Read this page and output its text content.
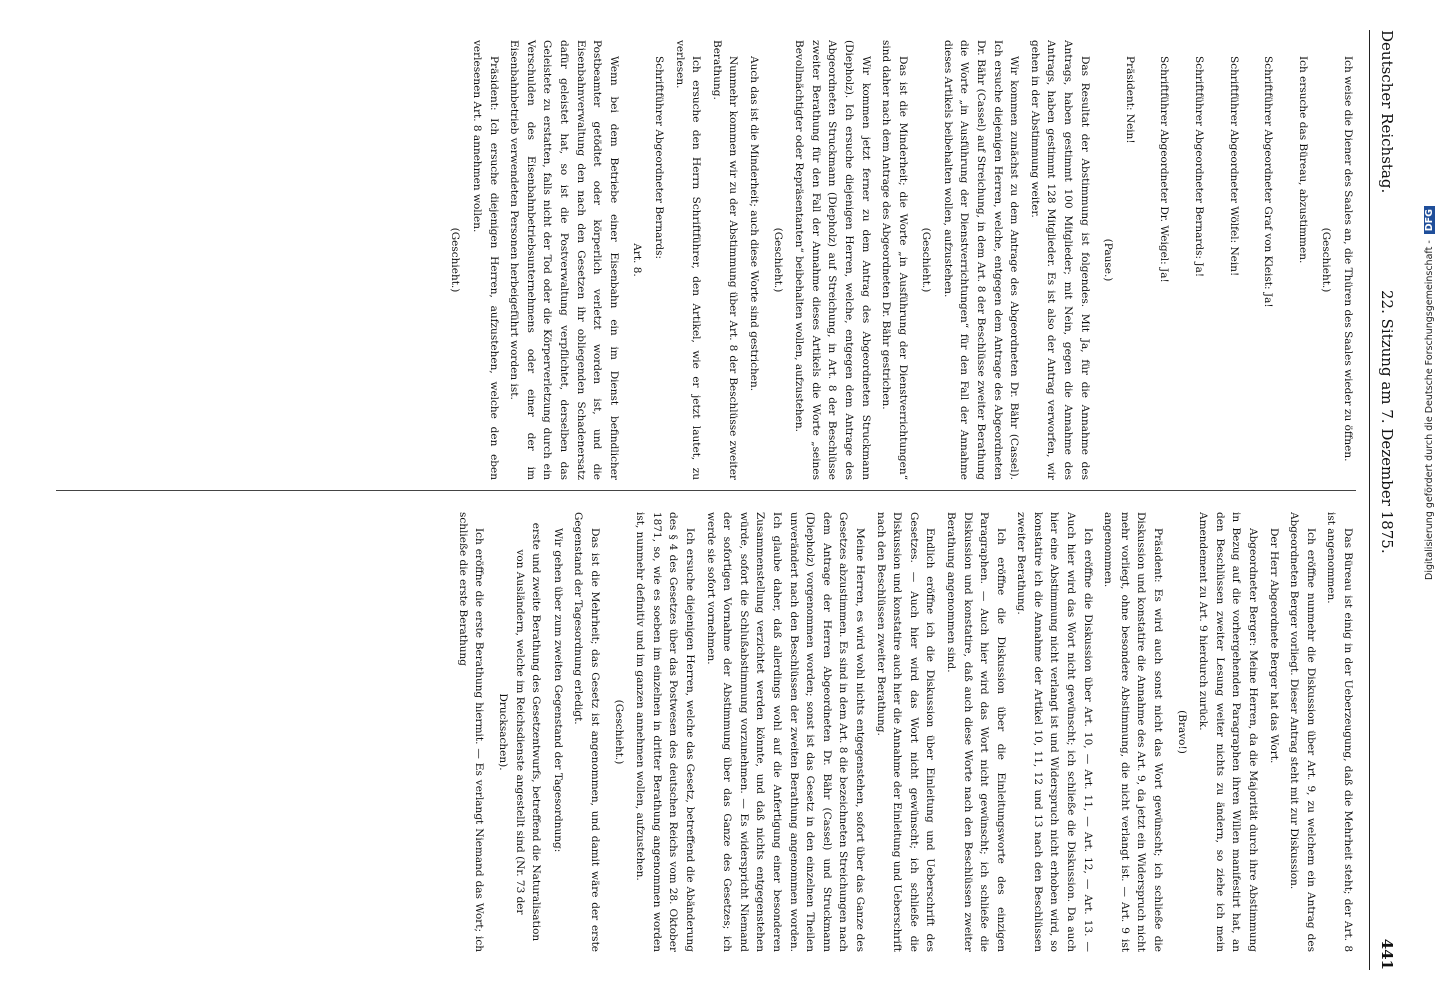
Deutscher Reichstag.
22. Sitzung am 7. Dezember 1875.
441

Ich weise die Diener des Saales an, die Thüren des Saales wieder zu öffnen.

(Geschieht.)

Ich ersuche das Büreau, abzustimmen.

Schriftführer Abgeordneter Graf von Kleist: Ja!

Schriftführer Abgeordneter Wölfel: Nein!

Schriftführer Abgeordneter Bernards: Ja!

Schriftführer Abgeordneter Dr. Weigel: Ja!

Präsident: Nein!

(Pause.)

Das Resultat der Abstimmung ist folgendes. Mit Ja, für die Annahme des Antrags, haben gestimmt 100 Mitglieder; mit Nein, gegen die Annahme des Antrags, haben gestimmt 128 Mitglieder. Es ist also der Antrag verworfen, wir gehen in der Abstimmung weiter.

Wir kommen zunächst zu dem Antrage des Abgeordneten Dr. Bähr (Cassel). Ich ersuche diejenigen Herren, welche, entgegen dem Antrage des Abgeordneten Dr. Bähr (Cassel) auf Streichung, in dem Art. 8 der Beschlüsse zweiter Berathung die Worte „in Ausführung der Dienstverrichtungen“ für den Fall der Annahme dieses Artikels beibehalten wollen, aufzustehen.

(Geschieht.)

Das ist die Minderheit; die Worte „in Ausführung der Dienstverrichtungen“ sind daher nach dem Antrage des Abgeordneten Dr. Bähr gestrichen.

Wir kommen jetzt ferner zu dem Antrag des Abgeordneten Struckmann (Diepholz). Ich ersuche diejenigen Herren, welche, entgegen dem Antrage des Abgeordneten Struckmann (Diepholz) auf Streichung, in Art. 8 der Beschlüsse zweiter Berathung für den Fall der Annahme dieses Artikels die Worte „seines Bevollmächtigter oder Repräsentanten“ beibehalten wollen, aufzustehen.

(Geschieht.)

Auch das ist die Minderheit; auch diese Worte sind gestrichen.

Nunmehr kommen wir zu der Abstimmung über Art. 8 der Beschlüsse zweiter Berathung.

Ich ersuche den Herrn Schriftführer, den Artikel, wie er jetzt lautet, zu verlesen.

Schriftführer Abgeordneter Bernards:

Art. 8.

Wenn bei dem Betriebe einer Eisenbahn ein im Dienst befindlicher Postbeamter getödtet oder körperlich verletzt worden ist, und die Eisenbahnverwaltung den nach den Gesetzen ihr obliegenden Schadenersatz dafür geleistet hat, so ist die Postverwaltung verpflichtet, derselben das Geleistete zu erstatten, falls nicht der Tod oder die Körperverletzung durch ein Verschulden des Eisenbahnbetriebsunternehmens oder einer der im Eisenbahnbetrieb verwendeten Personen herbeigeführt worden ist.

Präsident: Ich ersuche diejenigen Herren, aufzustehen, welche den eben verlesenen Art. 8 annehmen wollen.

(Geschieht.)

Das Büreau ist einig in der Ueberzeugung, daß die Mehrheit steht; der Art. 8 ist angenommen.

Ich eröffne nunmehr die Diskussion über Art. 9, zu welchem ein Antrag des Abgeordneten Berger vorliegt. Dieser Antrag steht mit zur Diskussion.

Der Herr Abgeordnete Berger hat das Wort.

Abgeordneter Berger: Meine Herren, da die Majorität durch ihre Abstimmung in Bezug auf die vorhergehenden Paragraphen ihren Willen manifestirt hat, an den Beschlüssen zweiter Lesung weiter nichts zu ändern, so ziehe ich mein Amendement zu Art. 9 hierdurch zurück.

(Bravo!)

Präsident: Es wird auch sonst nicht das Wort gewünscht; ich schließe die Diskussion und konstatire die Annahme des Art. 9, da jetzt ein Widerspruch nicht mehr vorliegt, ohne besondere Abstimmung, die nicht verlangt ist. — Art. 9 ist angenommen.

Ich eröffne die Diskussion über Art. 10, — Art. 11, — Art. 12, — Art. 13. — Auch hier wird das Wort nicht gewünscht; ich schließe die Diskussion. Da auch hier eine Abstimmung nicht verlangt ist und Widerspruch nicht erhoben wird, so konstatire ich die Annahme der Artikel 10, 11, 12 und 13 nach den Beschlüssen zweiter Berathung.

Ich eröffne die Diskussion über die Einleitungsworte des einzigen Paragraphen. — Auch hier wird das Wort nicht gewünscht; ich schließe die Diskussion und konstatire, daß auch diese Worte nach den Beschlüssen zweiter Berathung angenommen sind.

Endlich eröffne ich die Diskussion über Einleitung und Ueberschrift des Gesetzes. — Auch hier wird das Wort nicht gewünscht; ich schließe die Diskussion und konstatire auch hier die Annahme der Einleitung und Ueberschrift nach den Beschlüssen zweiter Berathung.

Meine Herren, es wird wohl nichts entgegenstehen, sofort über das Ganze des Gesetzes abzustimmen. Es sind in dem Art. 8 die bezeichneten Streichungen nach dem Antrage der Herren Abgeordneten Dr. Bähr (Cassel) und Struckmann (Diepholz) vorgenommen worden; sonst ist das Gesetz in den einzelnen Theilen unverändert nach den Beschlüssen der zweiten Berathung angenommen worden. Ich glaube daher, daß allerdings wohl auf die Anfertigung einer besonderen Zusammenstellung verzichtet werden könnte, und daß nichts entgegenstehen würde, sofort die Schlußabstimmung vorzunehmen. — Es widerspricht Niemand der sofortigen Vornahme der Abstimmung über das Ganze des Gesetzes; ich werde sie sofort vornehmen.

Ich ersuche diejenigen Herren, welche das Gesetz, betreffend die Abänderung des § 4 des Gesetzes über das Postwesen des deutschen Reichs vom 28. Oktober 1871, so, wie es soeben im einzelnen in dritter Berathung angenommen worden ist, nunmehr definitiv und im ganzen annehmen wollen, aufzustehen.

(Geschieht.)

Das ist die Mehrheit; das Gesetz ist angenommen, und damit wäre der erste Gegenstand der Tagesordnung erledigt.

Wir gehen über zum zweiten Gegenstand der Tagesordnung:

erste und zweite Berathung des Gesetzentwurfs, betreffend die Naturalisation von Ausländern, welche im Reichsdienste angestellt sind (Nr. 73 der Drucksachen).

Ich eröffne die erste Berathung hiermit. — Es verlangt Niemand das Wort; ich schließe die erste Berathung

Digitalisierung gefördert durch die Deutsche Forschungsgemeinschaft - DFG
